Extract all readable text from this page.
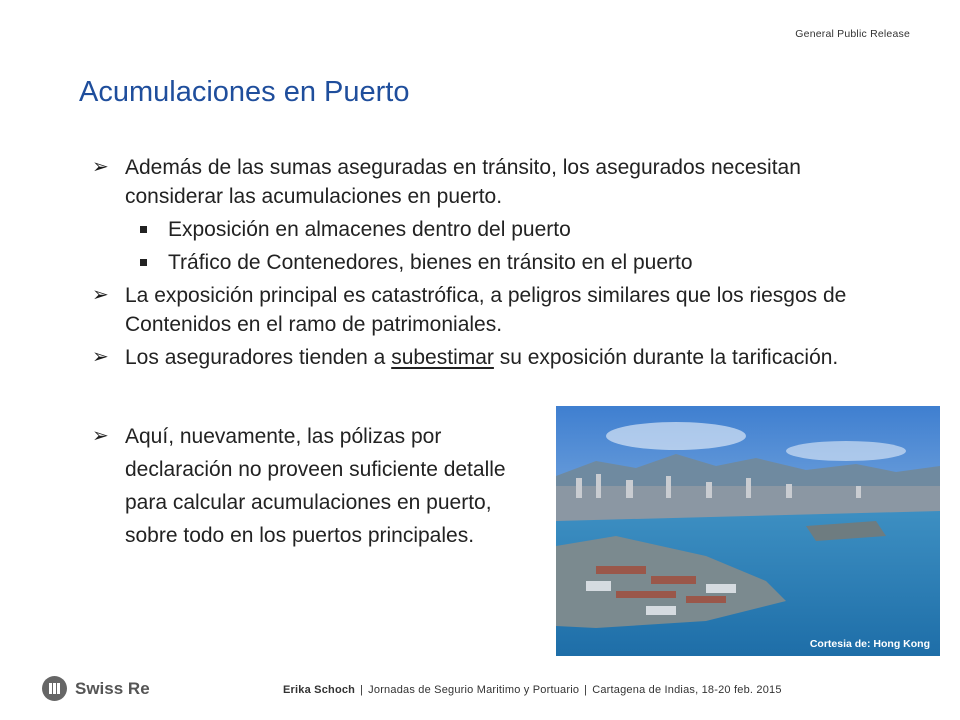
General Public Release
Acumulaciones en Puerto
➢ Además de las sumas aseguradas en tránsito, los asegurados necesitan considerar las acumulaciones en puerto.
Exposición en almacenes dentro del puerto
Tráfico de Contenedores, bienes en tránsito en el puerto
➢ La exposición principal es catastrófica, a peligros similares que los riesgos de Contenidos en el ramo de patrimoniales.
➢ Los aseguradores tienden a subestimar su exposición durante la tarificación.
➢ Aquí, nuevamente, las pólizas por declaración no proveen suficiente detalle para calcular acumulaciones en puerto, sobre todo en los puertos principales.
Cortesia de: Hong Kong
Swiss Re	Erika Schoch | Jornadas de Segurio Maritimo y Portuario | Cartagena de Indias, 18-20 feb. 2015
